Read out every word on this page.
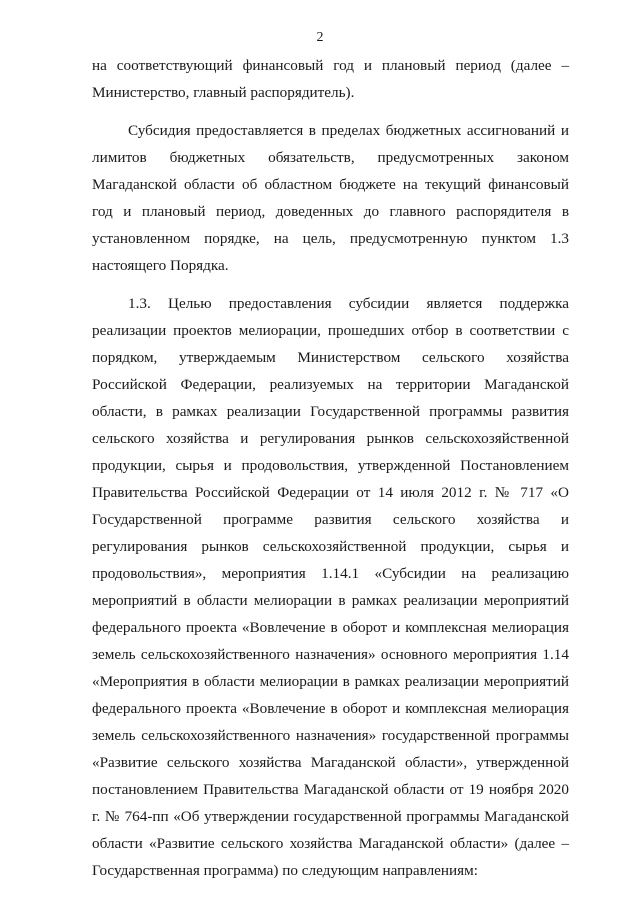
2

на соответствующий финансовый год и плановый период (далее – Министерство, главный распорядитель).

Субсидия предоставляется в пределах бюджетных ассигнований и лимитов бюджетных обязательств, предусмотренных законом Магаданской области об областном бюджете на текущий финансовый год и плановый период, доведенных до главного распорядителя в установленном порядке, на цель, предусмотренную пунктом 1.3 настоящего Порядка.

1.3. Целью предоставления субсидии является поддержка реализации проектов мелиорации, прошедших отбор в соответствии с порядком, утверждаемым Министерством сельского хозяйства Российской Федерации, реализуемых на территории Магаданской области, в рамках реализации Государственной программы развития сельского хозяйства и регулирования рынков сельскохозяйственной продукции, сырья и продовольствия, утвержденной Постановлением Правительства Российской Федерации от 14 июля 2012 г. № 717 «О Государственной программе развития сельского хозяйства и регулирования рынков сельскохозяйственной продукции, сырья и продовольствия», мероприятия 1.14.1 «Субсидии на реализацию мероприятий в области мелиорации в рамках реализации мероприятий федерального проекта «Вовлечение в оборот и комплексная мелиорация земель сельскохозяйственного назначения» основного мероприятия 1.14 «Мероприятия в области мелиорации в рамках реализации мероприятий федерального проекта «Вовлечение в оборот и комплексная мелиорация земель сельскохозяйственного назначения» государственной программы «Развитие сельского хозяйства Магаданской области», утвержденной постановлением Правительства Магаданской области от 19 ноября 2020 г. № 764-пп «Об утверждении государственной программы Магаданской области «Развитие сельского хозяйства Магаданской области» (далее – Государственная программа) по следующим направлениям:
